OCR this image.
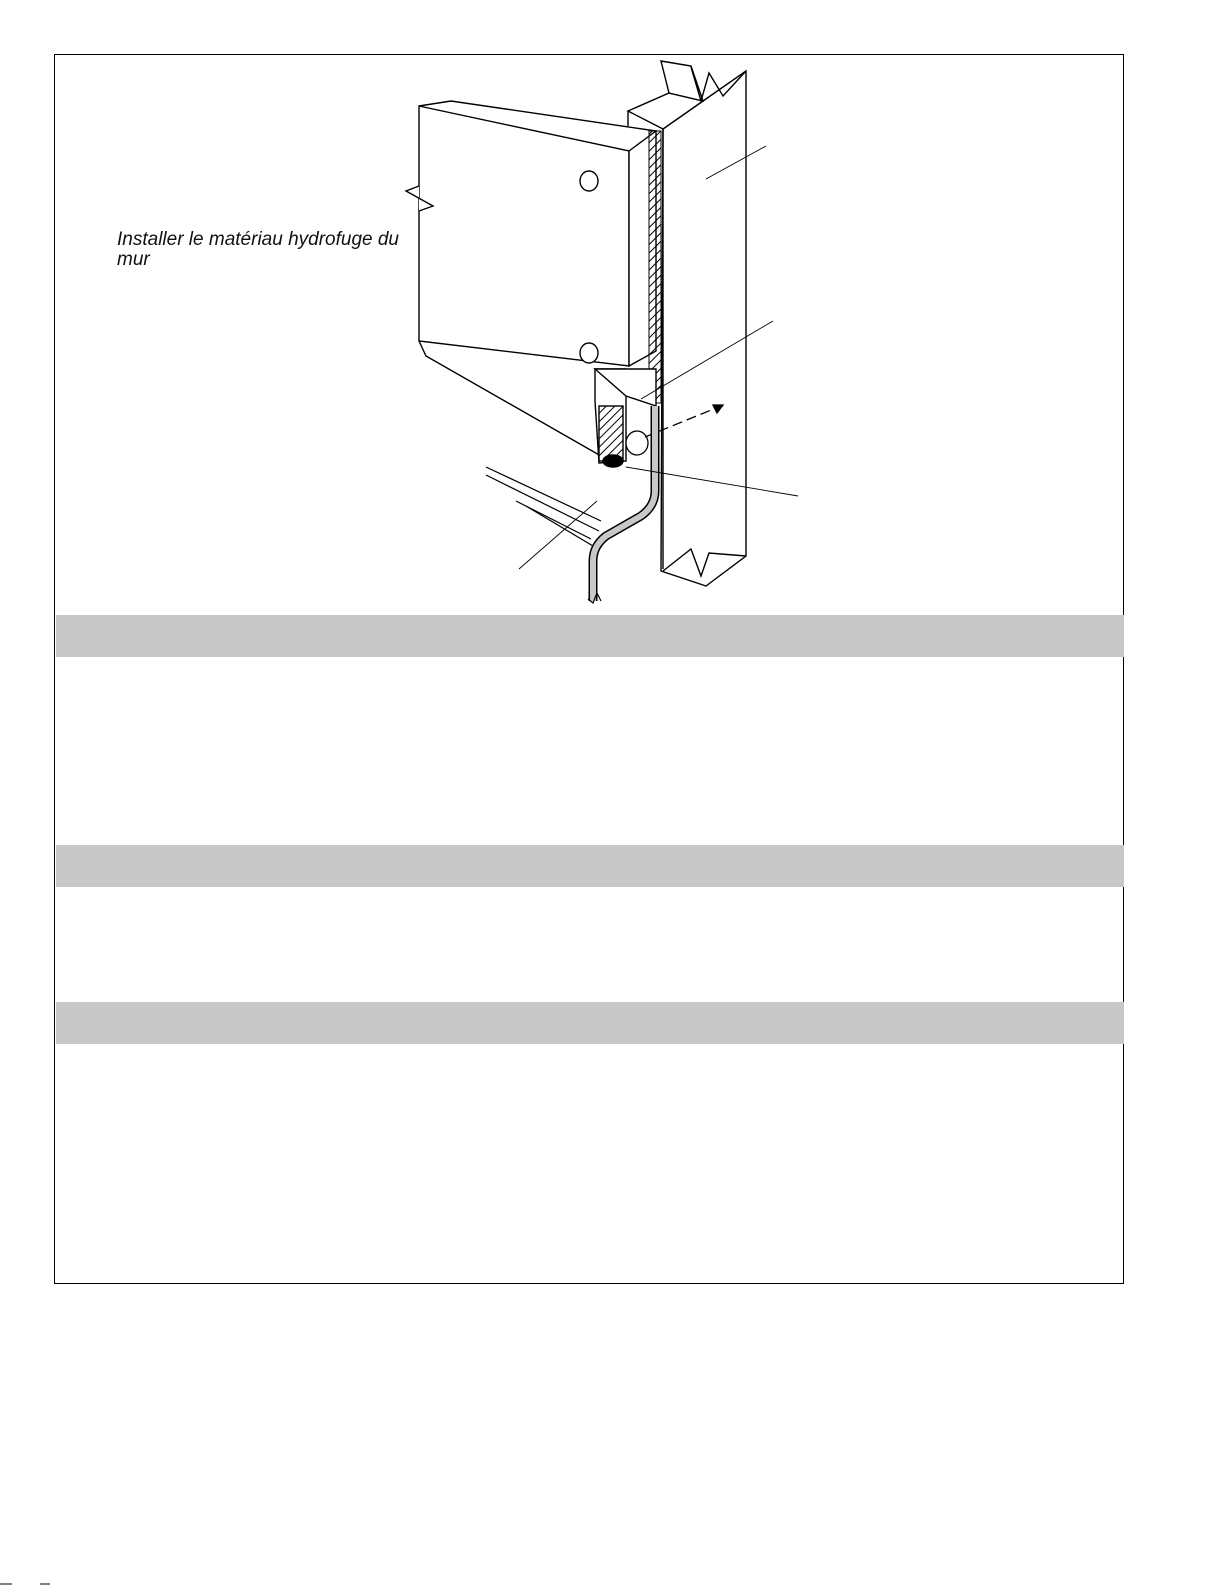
Installer le matériau hydrofuge du mur
